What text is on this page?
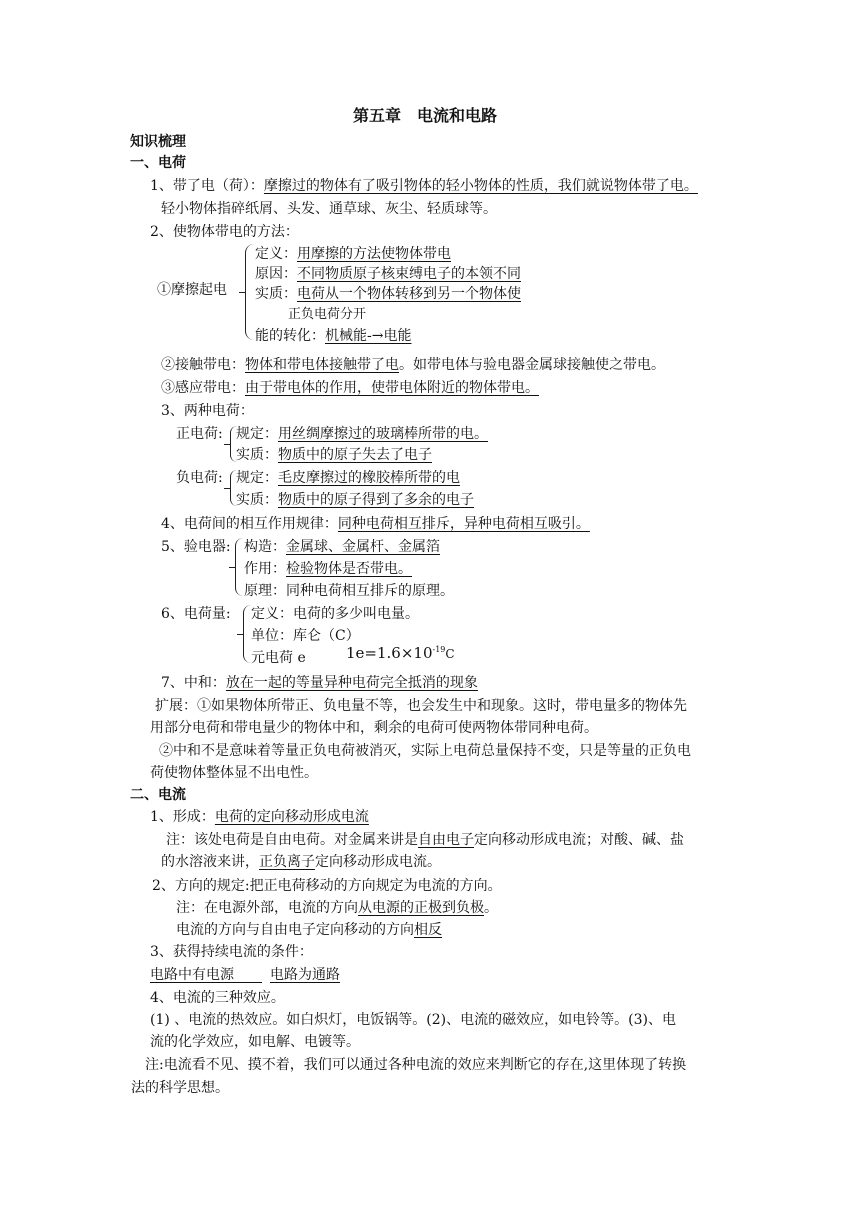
第五章　电流和电路
知识梳理
一、电荷
1、带了电（荷）：摩擦过的物体有了吸引物体的轻小物体的性质，我们就说物体带了电。
轻小物体指碎纸屑、头发、通草球、灰尘、轻质球等。
2、使物体带电的方法：
①摩擦起电
定义：用摩擦的方法使物体带电
原因：不同物质原子核束缚电子的本领不同
实质：电荷从一个物体转移到另一个物体使
正负电荷分开
能的转化：机械能-→电能
②接触带电：物体和带电体接触带了电。如带电体与验电器金属球接触使之带电。
③感应带电：由于带电体的作用，使带电体附近的物体带电。
3、两种电荷：
正电荷: 规定：用丝绸摩擦过的玻璃棒所带的电。
实质：物质中的原子失去了电子
负电荷: 规定：毛皮摩擦过的橡胶棒所带的电
实质：物质中的原子得到了多余的电子
4、电荷间的相互作用规律：同种电荷相互排斥，异种电荷相互吸引。
5、验电器: 构造：金属球、金属杆、金属箔
作用：检验物体是否带电。
原理：同种电荷相互排斥的原理。
6、电荷量: 定义：电荷的多少叫电量。
单位：库仑（C）
元电荷 e	$1e=1.6\times 10^{-19}C$
7、中和：放在一起的等量异种电荷完全抵消的现象
扩展：①如果物体所带正、负电量不等，也会发生中和现象。这时，带电量多的物体先
用部分电荷和带电量少的物体中和，剩余的电荷可使两物体带同种电荷。
②中和不是意味着等量正负电荷被消灭，实际上电荷总量保持不变，只是等量的正负电
荷使物体整体显不出电性。
二、电流
1、形成：电荷的定向移动形成电流
注：该处电荷是自由电荷。对金属来讲是自由电子定向移动形成电流；对酸、碱、盐
的水溶液来讲，正负离子定向移动形成电流。
2、方向的规定:把正电荷移动的方向规定为电流的方向。
注：在电源外部，电流的方向从电源的正极到负极。
电流的方向与自由电子定向移动的方向相反
3、获得持续电流的条件：
电路中有电源  	电路为通路
4、电流的三种效应。
(1) 、电流的热效应。如白炽灯，电饭锅等。(2)、电流的磁效应，如电铃等。(3)、电
流的化学效应，如电解、电镀等。
注:电流看不见、摸不着，我们可以通过各种电流的效应来判断它的存在,这里体现了转换
法的科学思想。
